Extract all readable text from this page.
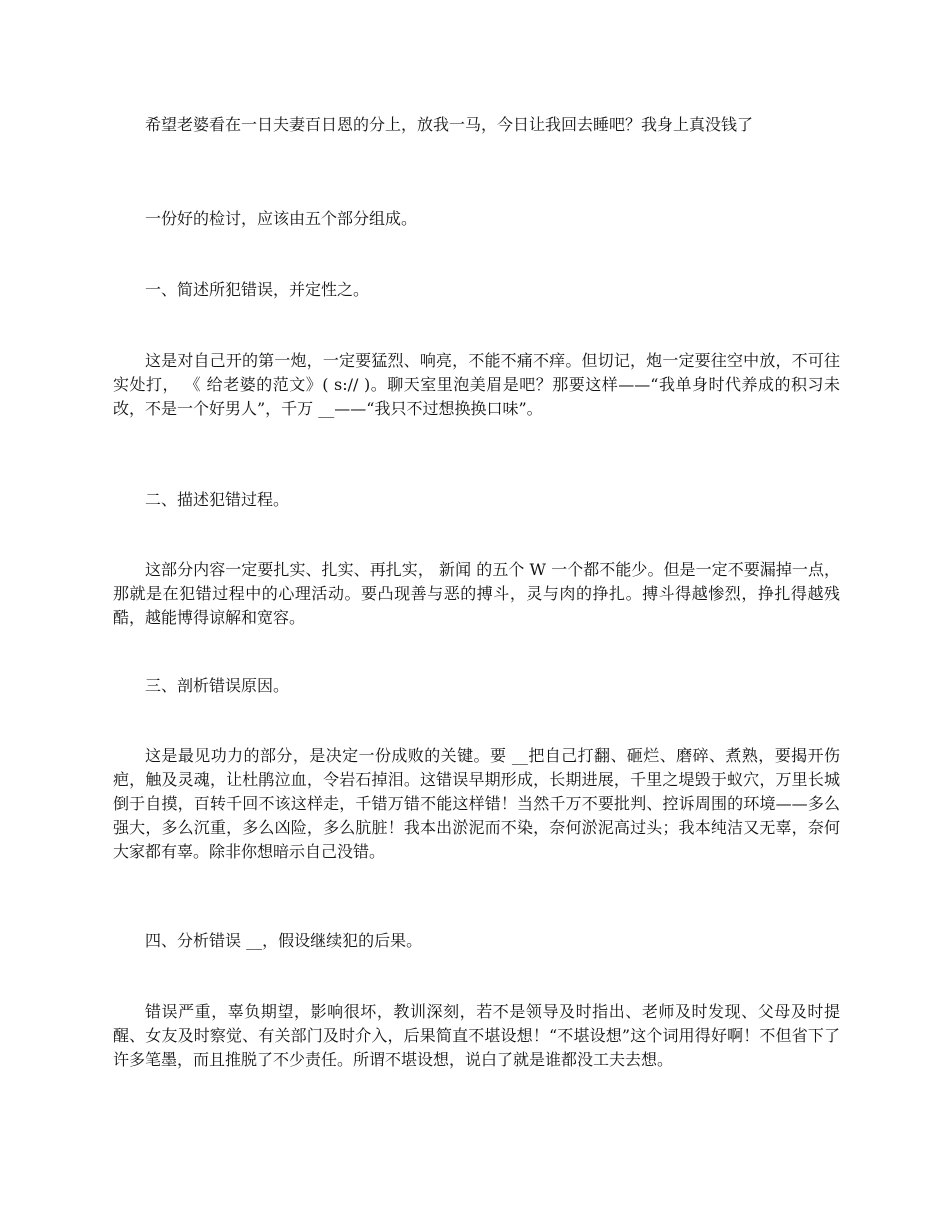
希望老婆看在一日夫妻百日恩的分上，放我一马，今日让我回去睡吧？我身上真没钱了

一份好的检讨，应该由五个部分组成。

一、简述所犯错误，并定性之。

这是对自己开的第一炮，一定要猛烈、响亮，不能不痛不痒。但切记，炮一定要往空中放，不可往实处打， 《 给老婆的范文》( s:// )。聊天室里泡美眉是吧？那要这样——“我单身时代养成的积习未改，不是一个好男人”，千万 __——“我只不过想换换口味”。

二、描述犯错过程。

这部分内容一定要扎实、扎实、再扎实， 新闻 的五个 W 一个都不能少。但是一定不要漏掉一点，那就是在犯错过程中的心理活动。要凸现善与恶的搏斗，灵与肉的挣扎。搏斗得越惨烈，挣扎得越残酷，越能博得谅解和宽容。

三、剖析错误原因。

这是最见功力的部分，是决定一份成败的关键。要 __把自己打翻、砸烂、磨碎、煮熟，要揭开伤疤，触及灵魂，让杜鹃泣血，令岩石掉泪。这错误早期形成，长期进展，千里之堤毁于蚁穴，万里长城倒于自摸，百转千回不该这样走，千错万错不能这样错！当然千万不要批判、控诉周围的环境——多么强大，多么沉重，多么凶险，多么肮脏！我本出淤泥而不染，奈何淤泥高过头；我本纯洁又无辜，奈何大家都有辜。除非你想暗示自己没错。

四、分析错误 __，假设继续犯的后果。

错误严重，辜负期望，影响很坏，教训深刻，若不是领导及时指出、老师及时发现、父母及时提醒、女友及时察觉、有关部门及时介入，后果简直不堪设想！“不堪设想”这个词用得好啊！不但省下了许多笔墨，而且推脱了不少责任。所谓不堪设想，说白了就是谁都没工夫去想。
